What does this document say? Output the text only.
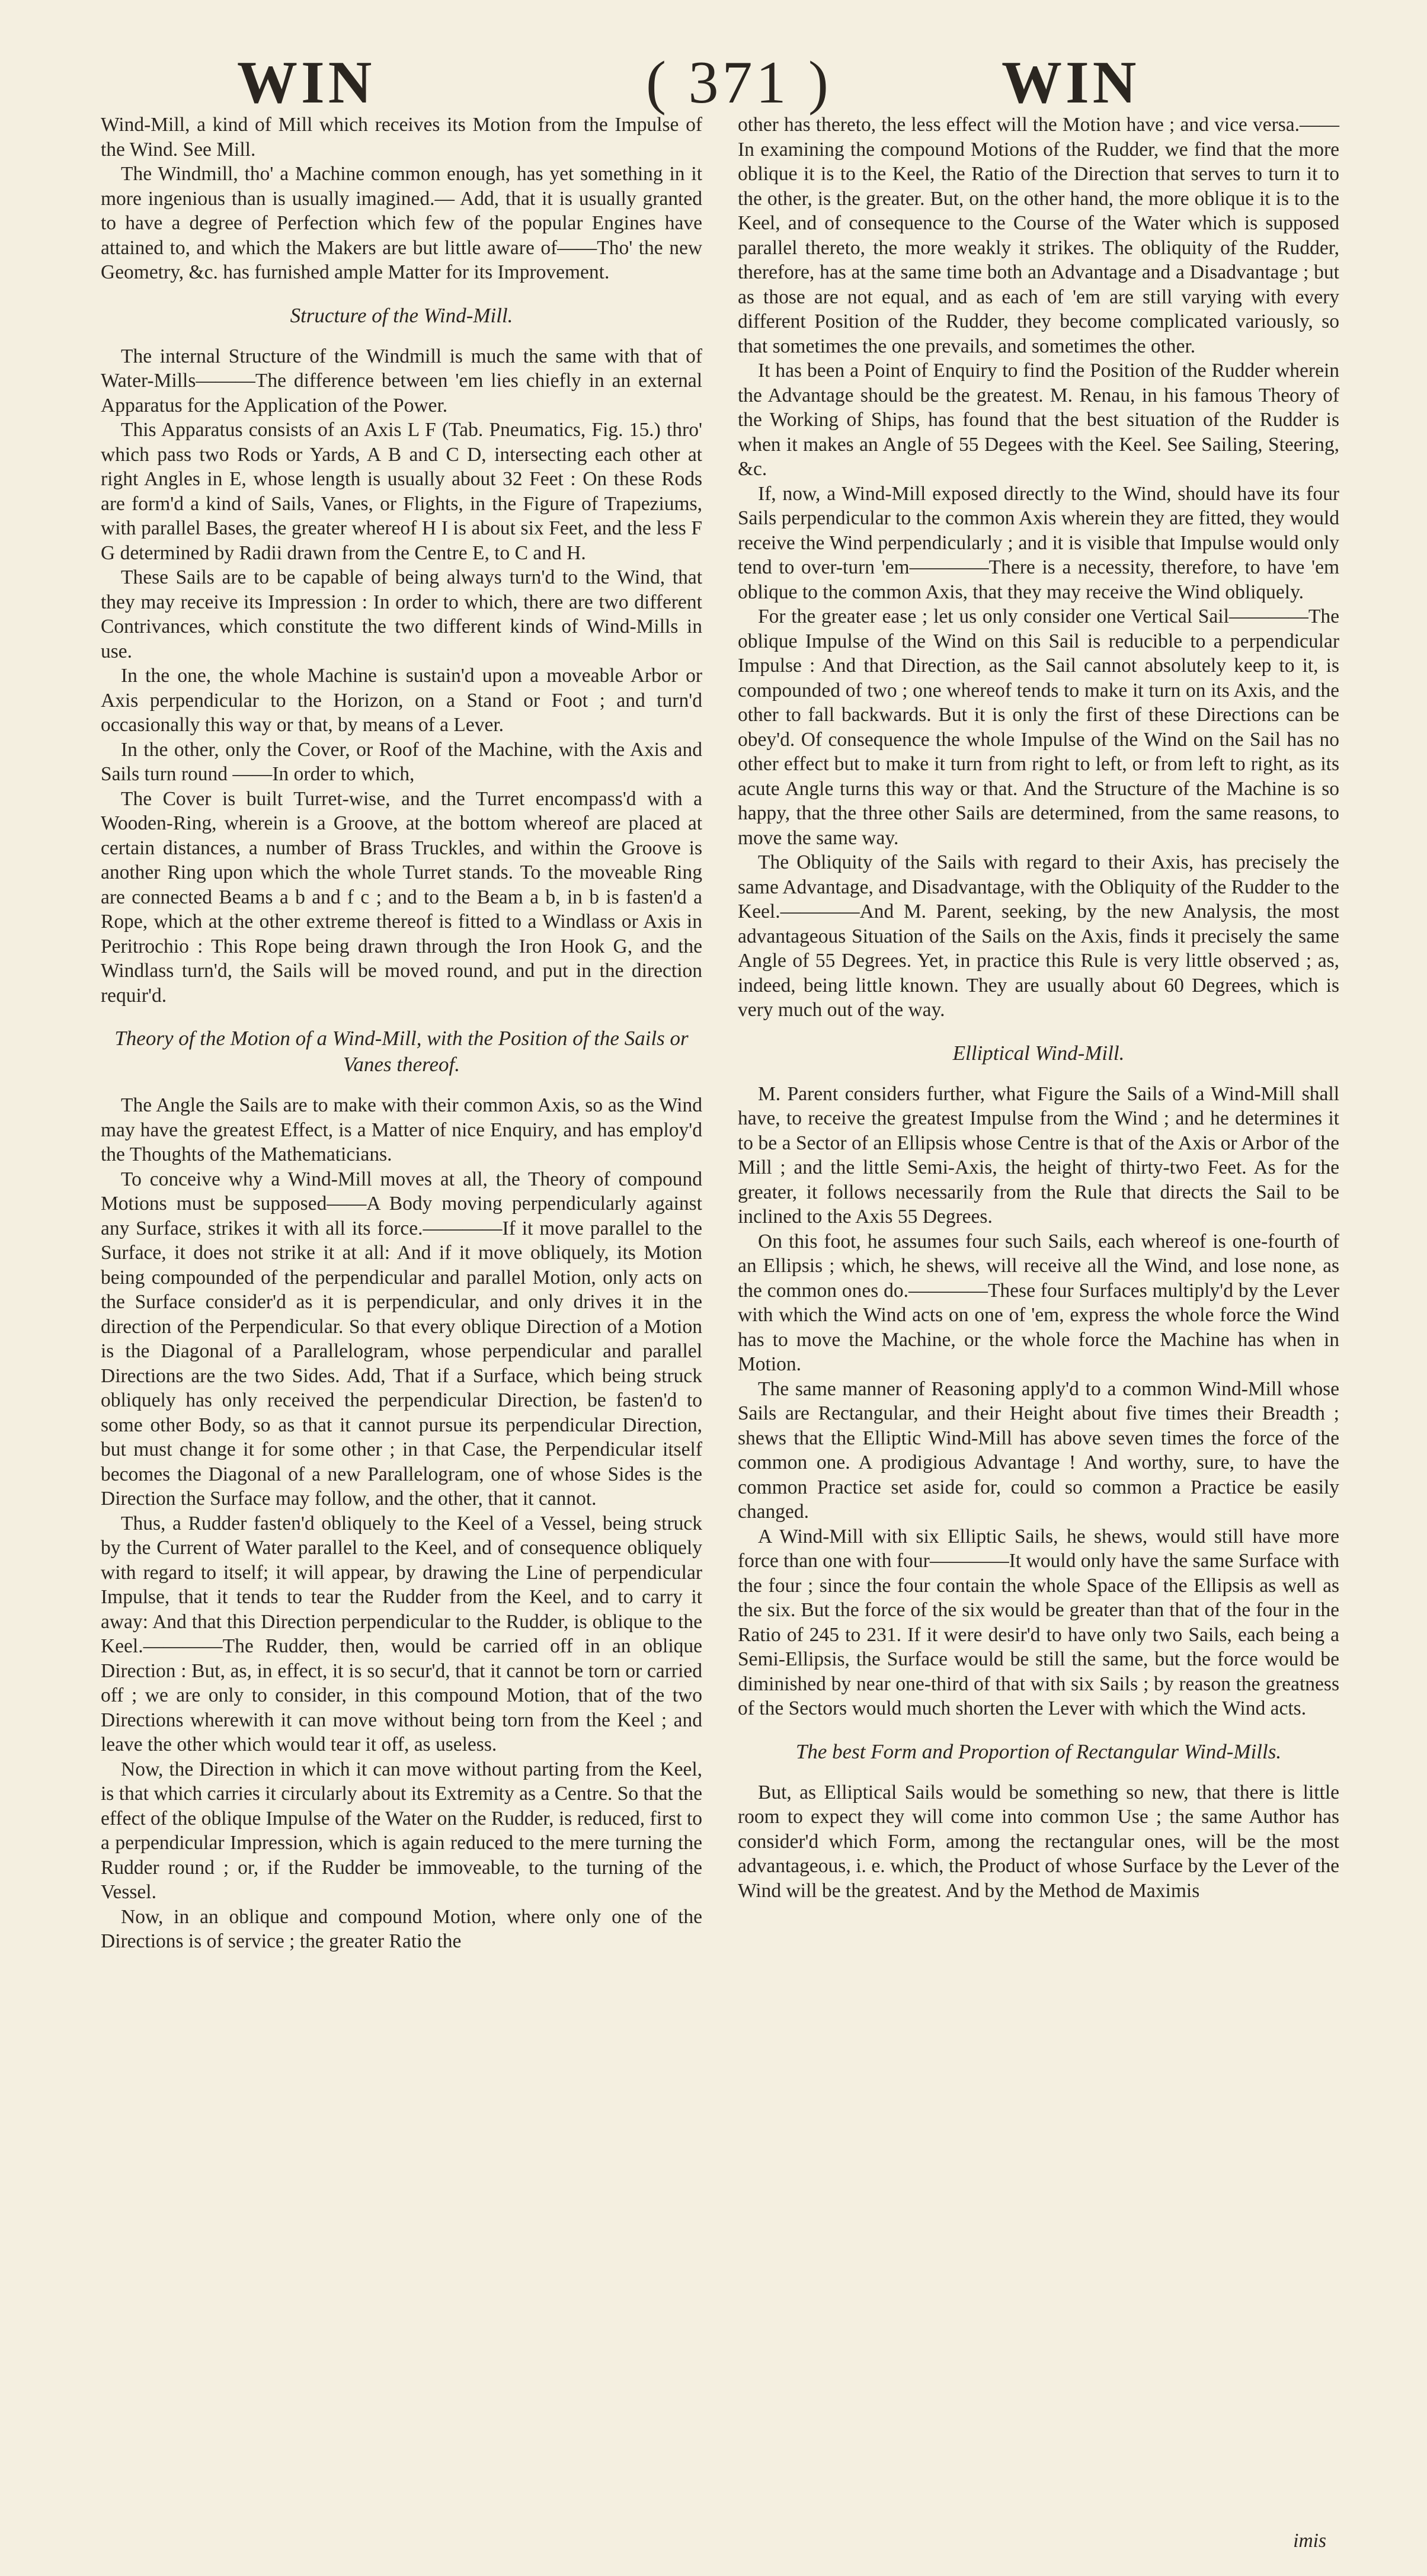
WIN	( 371 )	WIN

Wind-Mill, a kind of Mill which receives its Motion from the Impulse of the Wind. See Mill.

The Windmill, tho' a Machine common enough, has yet something in it more ingenious than is usually imagined.— Add, that it is usually granted to have a degree of Perfection which few of the popular Engines have attained to, and which the Makers are but little aware of——Tho' the new Geometry, &c. has furnished ample Matter for its Improvement.

Structure of the Wind-Mill.

The internal Structure of the Windmill is much the same with that of Water-Mills———The difference between 'em lies chiefly in an external Apparatus for the Application of the Power.

This Apparatus consists of an Axis L F (Tab. Pneumatics, Fig. 15.) thro' which pass two Rods or Yards, A B and C D, intersecting each other at right Angles in E, whose length is usually about 32 Feet : On these Rods are form'd a kind of Sails, Vanes, or Flights, in the Figure of Trapeziums, with parallel Bases, the greater whereof H I is about six Feet, and the less F G determined by Radii drawn from the Centre E, to C and H.

These Sails are to be capable of being always turn'd to the Wind, that they may receive its Impression : In order to which, there are two different Contrivances, which constitute the two different kinds of Wind-Mills in use.

In the one, the whole Machine is sustain'd upon a moveable Arbor or Axis perpendicular to the Horizon, on a Stand or Foot ; and turn'd occasionally this way or that, by means of a Lever.

In the other, only the Cover, or Roof of the Machine, with the Axis and Sails turn round ——In order to which,

The Cover is built Turret-wise, and the Turret encompass'd with a Wooden-Ring, wherein is a Groove, at the bottom whereof are placed at certain distances, a number of Brass Truckles, and within the Groove is another Ring upon which the whole Turret stands. To the moveable Ring are connected Beams a b and f c ; and to the Beam a b, in b is fasten'd a Rope, which at the other extreme thereof is fitted to a Windlass or Axis in Peritrochio : This Rope being drawn through the Iron Hook G, and the Windlass turn'd, the Sails will be moved round, and put in the direction requir'd.

Theory of the Motion of a Wind-Mill, with the Position of the Sails or Vanes thereof.

The Angle the Sails are to make with their common Axis, so as the Wind may have the greatest Effect, is a Matter of nice Enquiry, and has employ'd the Thoughts of the Mathematicians.

To conceive why a Wind-Mill moves at all, the Theory of compound Motions must be supposed——A Body moving perpendicularly against any Surface, strikes it with all its force.————If it move parallel to the Surface, it does not strike it at all: And if it move obliquely, its Motion being compounded of the perpendicular and parallel Motion, only acts on the Surface consider'd as it is perpendicular, and only drives it in the direction of the Perpendicular. So that every oblique Direction of a Motion is the Diagonal of a Parallelogram, whose perpendicular and parallel Directions are the two Sides. Add, That if a Surface, which being struck obliquely has only received the perpendicular Direction, be fasten'd to some other Body, so as that it cannot pursue its perpendicular Direction, but must change it for some other ; in that Case, the Perpendicular itself becomes the Diagonal of a new Parallelogram, one of whose Sides is the Direction the Surface may follow, and the other, that it cannot.

Thus, a Rudder fasten'd obliquely to the Keel of a Vessel, being struck by the Current of Water parallel to the Keel, and of consequence obliquely with regard to itself; it will appear, by drawing the Line of perpendicular Impulse, that it tends to tear the Rudder from the Keel, and to carry it away: And that this Direction perpendicular to the Rudder, is oblique to the Keel.————The Rudder, then, would be carried off in an oblique Direction : But, as, in effect, it is so secur'd, that it cannot be torn or carried off ; we are only to consider, in this compound Motion, that of the two Directions wherewith it can move without being torn from the Keel ; and leave the other which would tear it off, as useless.

Now, the Direction in which it can move without parting from the Keel, is that which carries it circularly about its Extremity as a Centre. So that the effect of the oblique Impulse of the Water on the Rudder, is reduced, first to a perpendicular Impression, which is again reduced to the mere turning the Rudder round ; or, if the Rudder be immoveable, to the turning of the Vessel.

Now, in an oblique and compound Motion, where only one of the Directions is of service ; the greater Ratio the

other has thereto, the less effect will the Motion have ; and vice versa.——In examining the compound Motions of the Rudder, we find that the more oblique it is to the Keel, the Ratio of the Direction that serves to turn it to the other, is the greater. But, on the other hand, the more oblique it is to the Keel, and of consequence to the Course of the Water which is supposed parallel thereto, the more weakly it strikes. The obliquity of the Rudder, therefore, has at the same time both an Advantage and a Disadvantage ; but as those are not equal, and as each of 'em are still varying with every different Position of the Rudder, they become complicated variously, so that sometimes the one prevails, and sometimes the other.

It has been a Point of Enquiry to find the Position of the Rudder wherein the Advantage should be the greatest. M. Renau, in his famous Theory of the Working of Ships, has found that the best situation of the Rudder is when it makes an Angle of 55 Degees with the Keel. See Sailing, Steering, &c.

If, now, a Wind-Mill exposed directly to the Wind, should have its four Sails perpendicular to the common Axis wherein they are fitted, they would receive the Wind perpendicularly ; and it is visible that Impulse would only tend to over-turn 'em————There is a necessity, therefore, to have 'em oblique to the common Axis, that they may receive the Wind obliquely.

For the greater ease ; let us only consider one Vertical Sail————The oblique Impulse of the Wind on this Sail is reducible to a perpendicular Impulse : And that Direction, as the Sail cannot absolutely keep to it, is compounded of two ; one whereof tends to make it turn on its Axis, and the other to fall backwards. But it is only the first of these Directions can be obey'd. Of consequence the whole Impulse of the Wind on the Sail has no other effect but to make it turn from right to left, or from left to right, as its acute Angle turns this way or that. And the Structure of the Machine is so happy, that the three other Sails are determined, from the same reasons, to move the same way.

The Obliquity of the Sails with regard to their Axis, has precisely the same Advantage, and Disadvantage, with the Obliquity of the Rudder to the Keel.————And M. Parent, seeking, by the new Analysis, the most advantageous Situation of the Sails on the Axis, finds it precisely the same Angle of 55 Degrees. Yet, in practice this Rule is very little observed ; as, indeed, being little known. They are usually about 60 Degrees, which is very much out of the way.

Elliptical Wind-Mill.

M. Parent considers further, what Figure the Sails of a Wind-Mill shall have, to receive the greatest Impulse from the Wind ; and he determines it to be a Sector of an Ellipsis whose Centre is that of the Axis or Arbor of the Mill ; and the little Semi-Axis, the height of thirty-two Feet. As for the greater, it follows necessarily from the Rule that directs the Sail to be inclined to the Axis 55 Degrees.

On this foot, he assumes four such Sails, each whereof is one-fourth of an Ellipsis ; which, he shews, will receive all the Wind, and lose none, as the common ones do.————These four Surfaces multiply'd by the Lever with which the Wind acts on one of 'em, express the whole force the Wind has to move the Machine, or the whole force the Machine has when in Motion.

The same manner of Reasoning apply'd to a common Wind-Mill whose Sails are Rectangular, and their Height about five times their Breadth ; shews that the Elliptic Wind-Mill has above seven times the force of the common one. A prodigious Advantage ! And worthy, sure, to have the common Practice set aside for, could so common a Practice be easily changed.

A Wind-Mill with six Elliptic Sails, he shews, would still have more force than one with four————It would only have the same Surface with the four ; since the four contain the whole Space of the Ellipsis as well as the six. But the force of the six would be greater than that of the four in the Ratio of 245 to 231. If it were desir'd to have only two Sails, each being a Semi-Ellipsis, the Surface would be still the same, but the force would be diminished by near one-third of that with six Sails ; by reason the greatness of the Sectors would much shorten the Lever with which the Wind acts.

The best Form and Proportion of Rectangular Wind-Mills.

But, as Elliptical Sails would be something so new, that there is little room to expect they will come into common Use ; the same Author has consider'd which Form, among the rectangular ones, will be the most advantageous, i. e. which, the Product of whose Surface by the Lever of the Wind will be the greatest. And by the Method de Maximis

imis
